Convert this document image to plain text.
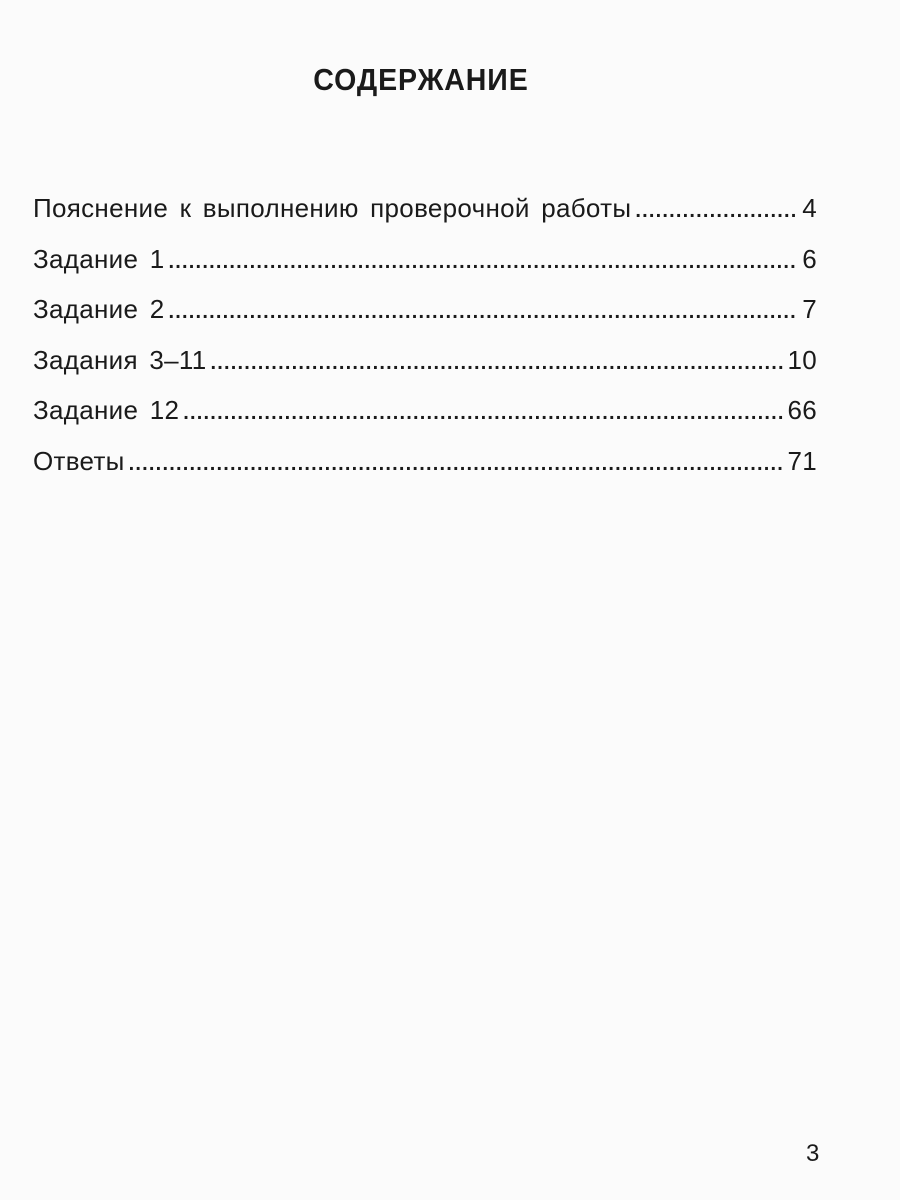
СОДЕРЖАНИЕ
Пояснение к выполнению проверочной работы .....	4
Задание 1 .....	6
Задание 2 .....	7
Задания 3–11 .....	10
Задание 12 .....	66
Ответы .....	71
3
